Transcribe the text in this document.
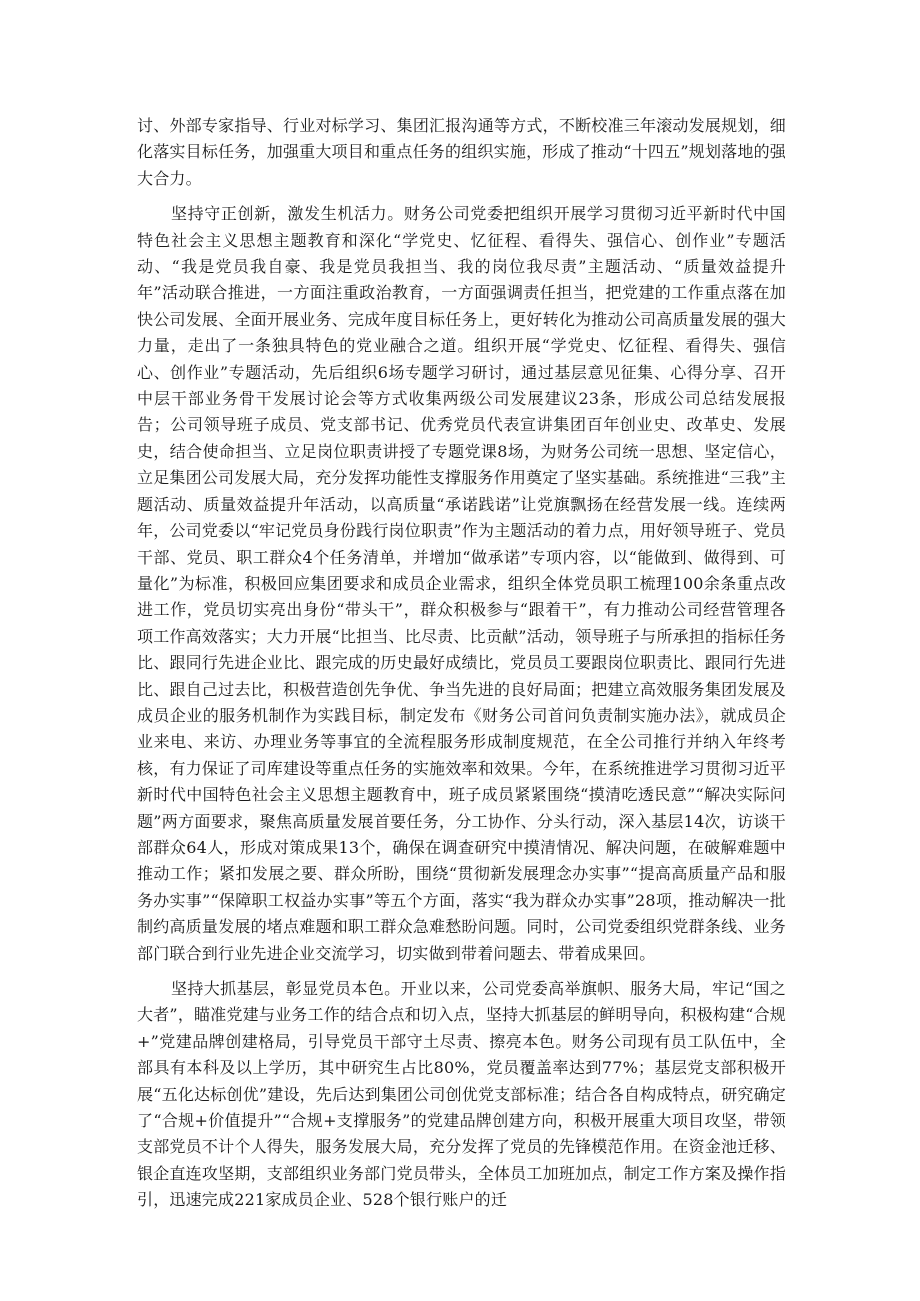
讨、外部专家指导、行业对标学习、集团汇报沟通等方式，不断校准三年滚动发展规划，细化落实目标任务，加强重大项目和重点任务的组织实施，形成了推动“十四五”规划落地的强大合力。

坚持守正创新，激发生机活力。财务公司党委把组织开展学习贯彻习近平新时代中国特色社会主义思想主题教育和深化“学党史、忆征程、看得失、强信心、创作业”专题活动、“我是党员我自豪、我是党员我担当、我的岗位我尽责”主题活动、“质量效益提升年”活动联合推进，一方面注重政治教育，一方面强调责任担当，把党建的工作重点落在加快公司发展、全面开展业务、完成年度目标任务上，更好转化为推动公司高质量发展的强大力量，走出了一条独具特色的党业融合之道。组织开展“学党史、忆征程、看得失、强信心、创作业”专题活动，先后组织6场专题学习研讨，通过基层意见征集、心得分享、召开中层干部业务骨干发展讨论会等方式收集两级公司发展建议23条，形成公司总结发展报告；公司领导班子成员、党支部书记、优秀党员代表宣讲集团百年创业史、改革史、发展史，结合使命担当、立足岗位职责讲授了专题党课8场，为财务公司统一思想、坚定信心，立足集团公司发展大局，充分发挥功能性支撑服务作用奠定了坚实基础。系统推进“三我”主题活动、质量效益提升年活动，以高质量“承诺践诺”让党旗飘扬在经营发展一线。连续两年，公司党委以“牢记党员身份践行岗位职责”作为主题活动的着力点，用好领导班子、党员干部、党员、职工群众4个任务清单，并增加“做承诺”专项内容，以“能做到、做得到、可量化”为标准，积极回应集团要求和成员企业需求，组织全体党员职工梳理100余条重点改进工作，党员切实亮出身份“带头干”，群众积极参与“跟着干”，有力推动公司经营管理各项工作高效落实；大力开展“比担当、比尽责、比贡献”活动，领导班子与所承担的指标任务比、跟同行先进企业比、跟完成的历史最好成绩比，党员员工要跟岗位职责比、跟同行先进比、跟自己过去比，积极营造创先争优、争当先进的良好局面；把建立高效服务集团发展及成员企业的服务机制作为实践目标，制定发布《财务公司首问负责制实施办法》，就成员企业来电、来访、办理业务等事宜的全流程服务形成制度规范，在全公司推行并纳入年终考核，有力保证了司库建设等重点任务的实施效率和效果。今年，在系统推进学习贯彻习近平新时代中国特色社会主义思想主题教育中，班子成员紧紧围绕“摸清吃透民意”“解决实际问题”两方面要求，聚焦高质量发展首要任务，分工协作、分头行动，深入基层14次，访谈干部群众64人，形成对策成果13个，确保在调查研究中摸清情况、解决问题，在破解难题中推动工作；紧扣发展之要、群众所盼，围绕“贯彻新发展理念办实事”“提高高质量产品和服务办实事”“保障职工权益办实事”等五个方面，落实“我为群众办实事”28项，推动解决一批制约高质量发展的堵点难题和职工群众急难愁盼问题。同时，公司党委组织党群条线、业务部门联合到行业先进企业交流学习，切实做到带着问题去、带着成果回。

坚持大抓基层，彰显党员本色。开业以来，公司党委高举旗帜、服务大局，牢记“国之大者”，瞄准党建与业务工作的结合点和切入点，坚持大抓基层的鲜明导向，积极构建“合规+”党建品牌创建格局，引导党员干部守土尽责、擦亮本色。财务公司现有员工队伍中，全部具有本科及以上学历，其中研究生占比80%，党员覆盖率达到77%；基层党支部积极开展“五化达标创优”建设，先后达到集团公司创优党支部标准；结合各自构成特点，研究确定了“合规+价值提升”“合规+支撑服务”的党建品牌创建方向，积极开展重大项目攻坚，带领支部党员不计个人得失，服务发展大局，充分发挥了党员的先锋模范作用。在资金池迁移、银企直连攻坚期，支部组织业务部门党员带头，全体员工加班加点，制定工作方案及操作指引，迅速完成221家成员企业、528个银行账户的迁
